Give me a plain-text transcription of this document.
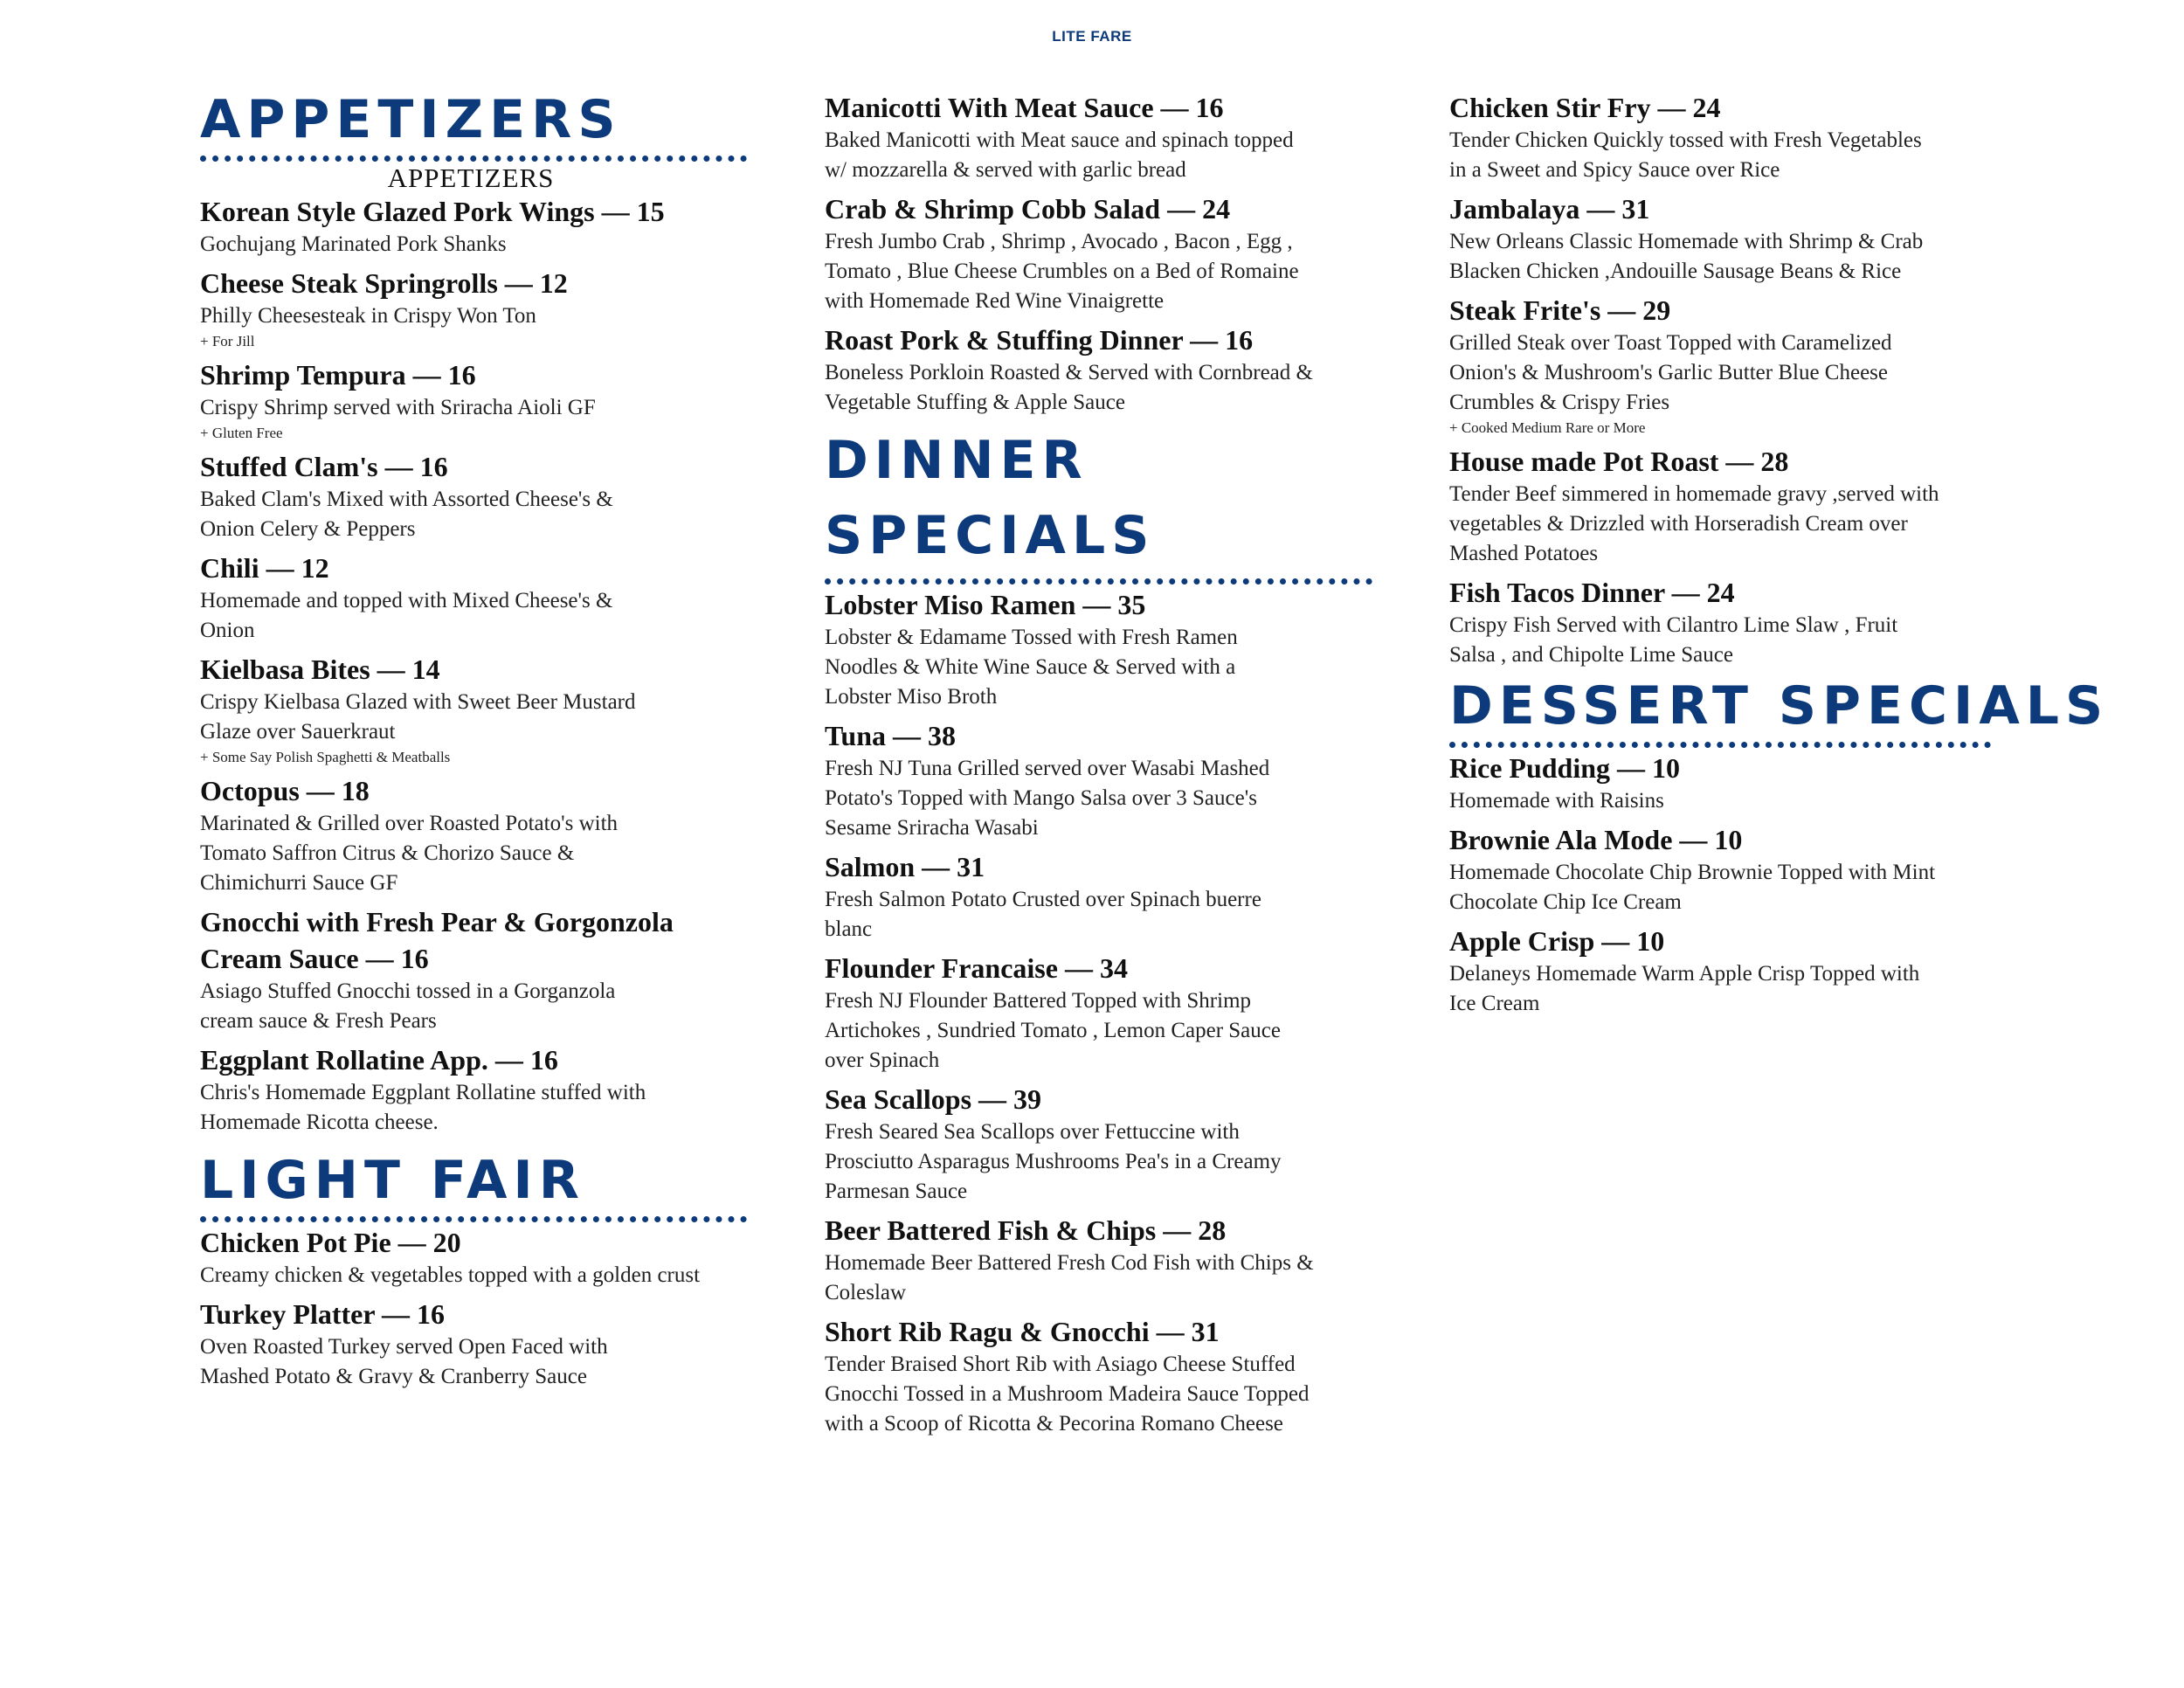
LITE FARE
APPETIZERS
APPETIZERS
Korean Style Glazed Pork Wings — 15
Gochujang Marinated Pork Shanks
Cheese Steak Springrolls — 12
Philly Cheesesteak in Crispy Won Ton
+ For Jill
Shrimp Tempura — 16
Crispy Shrimp served with Sriracha Aioli GF
+ Gluten Free
Stuffed Clam's — 16
Baked Clam's Mixed with Assorted Cheese's & Onion Celery & Peppers
Chili — 12
Homemade and topped with Mixed Cheese's & Onion
Kielbasa Bites — 14
Crispy Kielbasa Glazed with Sweet Beer Mustard Glaze over Sauerkraut
+ Some Say Polish Spaghetti & Meatballs
Octopus — 18
Marinated & Grilled over Roasted Potato's with Tomato Saffron Citrus & Chorizo Sauce & Chimichurri Sauce GF
Gnocchi with Fresh Pear & Gorgonzola Cream Sauce — 16
Asiago Stuffed Gnocchi tossed in a Gorganzola cream sauce & Fresh Pears
Eggplant Rollatine App. — 16
Chris's Homemade Eggplant Rollatine stuffed with Homemade Ricotta cheese.
LIGHT FAIR
Chicken Pot Pie — 20
Creamy chicken & vegetables topped with a golden crust
Turkey Platter — 16
Oven Roasted Turkey served Open Faced with Mashed Potato & Gravy & Cranberry Sauce
Manicotti With Meat Sauce — 16
Baked Manicotti with Meat sauce and spinach topped w/ mozzarella & served with garlic bread
Crab & Shrimp Cobb Salad — 24
Fresh Jumbo Crab , Shrimp , Avocado , Bacon , Egg , Tomato , Blue Cheese Crumbles on a Bed of Romaine with Homemade Red Wine Vinaigrette
Roast Pork & Stuffing Dinner — 16
Boneless Porkloin Roasted & Served with Cornbread & Vegetable Stuffing & Apple Sauce
DINNER SPECIALS
Lobster Miso Ramen — 35
Lobster & Edamame Tossed with Fresh Ramen Noodles & White Wine Sauce & Served with a Lobster Miso Broth
Tuna — 38
Fresh NJ Tuna Grilled served over Wasabi Mashed Potato's Topped with Mango Salsa over 3 Sauce's Sesame Sriracha Wasabi
Salmon — 31
Fresh Salmon Potato Crusted over Spinach buerre blanc
Flounder Francaise — 34
Fresh NJ Flounder Battered Topped with Shrimp Artichokes , Sundried Tomato , Lemon Caper Sauce over Spinach
Sea Scallops — 39
Fresh Seared Sea Scallops over Fettuccine with Prosciutto Asparagus Mushrooms Pea's in a Creamy Parmesan Sauce
Beer Battered Fish & Chips — 28
Homemade Beer Battered Fresh Cod Fish with Chips & Coleslaw
Short Rib Ragu & Gnocchi — 31
Tender Braised Short Rib with Asiago Cheese Stuffed Gnocchi Tossed in a Mushroom Madeira Sauce Topped with a Scoop of Ricotta & Pecorina Romano Cheese
Chicken Stir Fry — 24
Tender Chicken Quickly tossed with Fresh Vegetables in a Sweet and Spicy Sauce over Rice
Jambalaya — 31
New Orleans Classic Homemade with Shrimp & Crab Blacken Chicken ,Andouille Sausage Beans & Rice
Steak Frite's — 29
Grilled Steak over Toast Topped with Caramelized Onion's & Mushroom's Garlic Butter Blue Cheese Crumbles & Crispy Fries
+ Cooked Medium Rare or More
House made Pot Roast — 28
Tender Beef simmered in homemade gravy ,served with vegetables & Drizzled with Horseradish Cream over Mashed Potatoes
Fish Tacos Dinner — 24
Crispy Fish Served with Cilantro Lime Slaw , Fruit Salsa , and Chipolte Lime Sauce
DESSERT SPECIALS
Rice Pudding — 10
Homemade with Raisins
Brownie Ala Mode — 10
Homemade Chocolate Chip Brownie Topped with Mint Chocolate Chip Ice Cream
Apple Crisp — 10
Delaneys Homemade Warm Apple Crisp Topped with Ice Cream
